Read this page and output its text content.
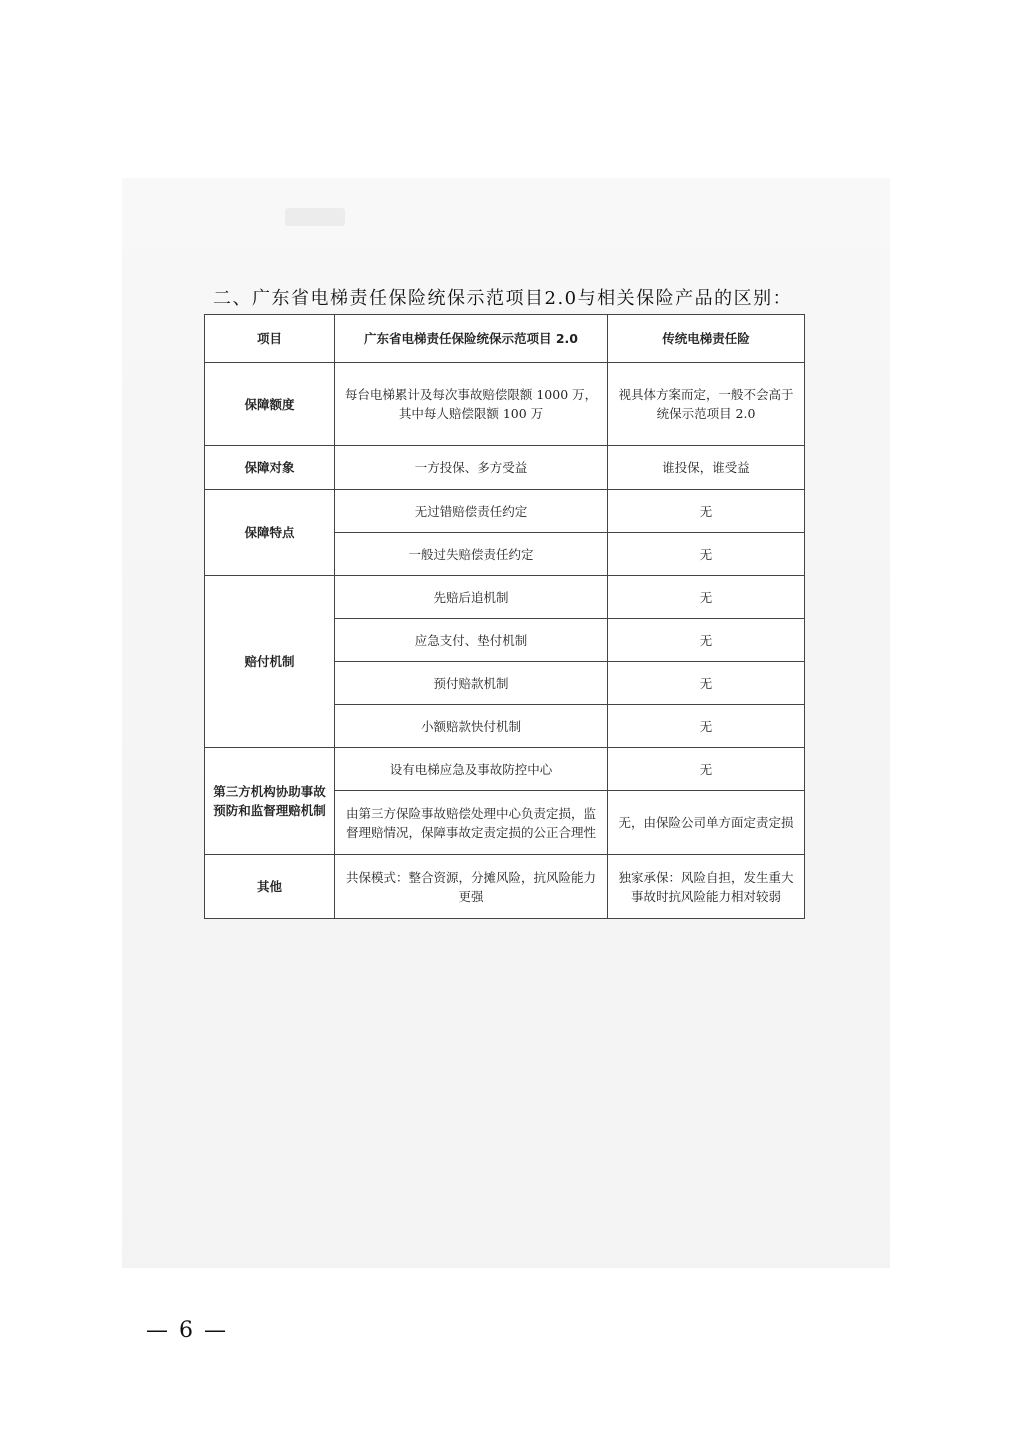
二、广东省电梯责任保险统保示范项目2.0与相关保险产品的区别：
项目	广东省电梯责任保险统保示范项目 2.0	传统电梯责任险
保障额度	每台电梯累计及每次事故赔偿限额 1000 万，其中每人赔偿限额 100 万	视具体方案而定，一般不会高于统保示范项目 2.0
保障对象	一方投保、多方受益	谁投保，谁受益
保障特点	无过错赔偿责任约定	无
	一般过失赔偿责任约定	无
赔付机制	先赔后追机制	无
	应急支付、垫付机制	无
	预付赔款机制	无
	小额赔款快付机制	无
第三方机构协助事故预防和监督理赔机制	设有电梯应急及事故防控中心	无
	由第三方保险事故赔偿处理中心负责定损，监督理赔情况，保障事故定责定损的公正合理性	无，由保险公司单方面定责定损
其他	共保模式：整合资源，分摊风险，抗风险能力更强	独家承保：风险自担，发生重大事故时抗风险能力相对较弱
— 6 —
